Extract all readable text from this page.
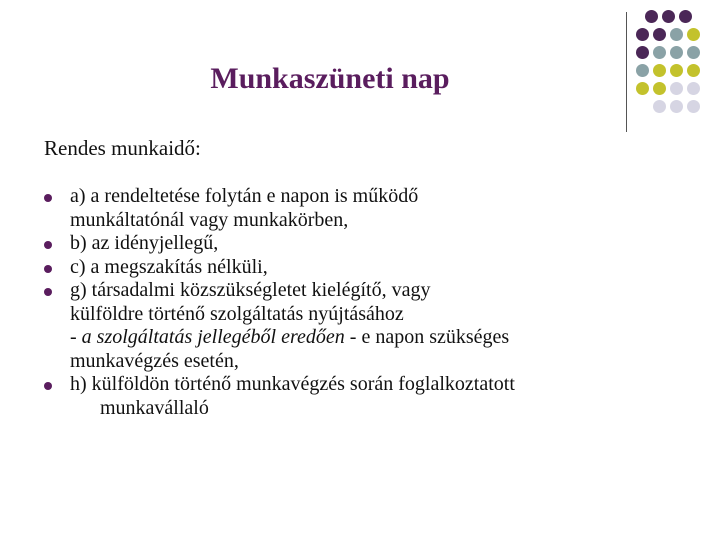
Munkaszüneti nap
Rendes munkaidő:
a) a rendeltetése folytán e napon is működő
munkáltatónál vagy munkakörben,
b) az idényjellegű,
c) a megszakítás nélküli,
g) társadalmi közszükségletet kielégítő, vagy
külföldre történő szolgáltatás nyújtásához
- a szolgáltatás jellegéből eredően - e napon szükséges
munkavégzés esetén,
h) külföldön történő munkavégzés során foglalkoztatott
munkavállaló
